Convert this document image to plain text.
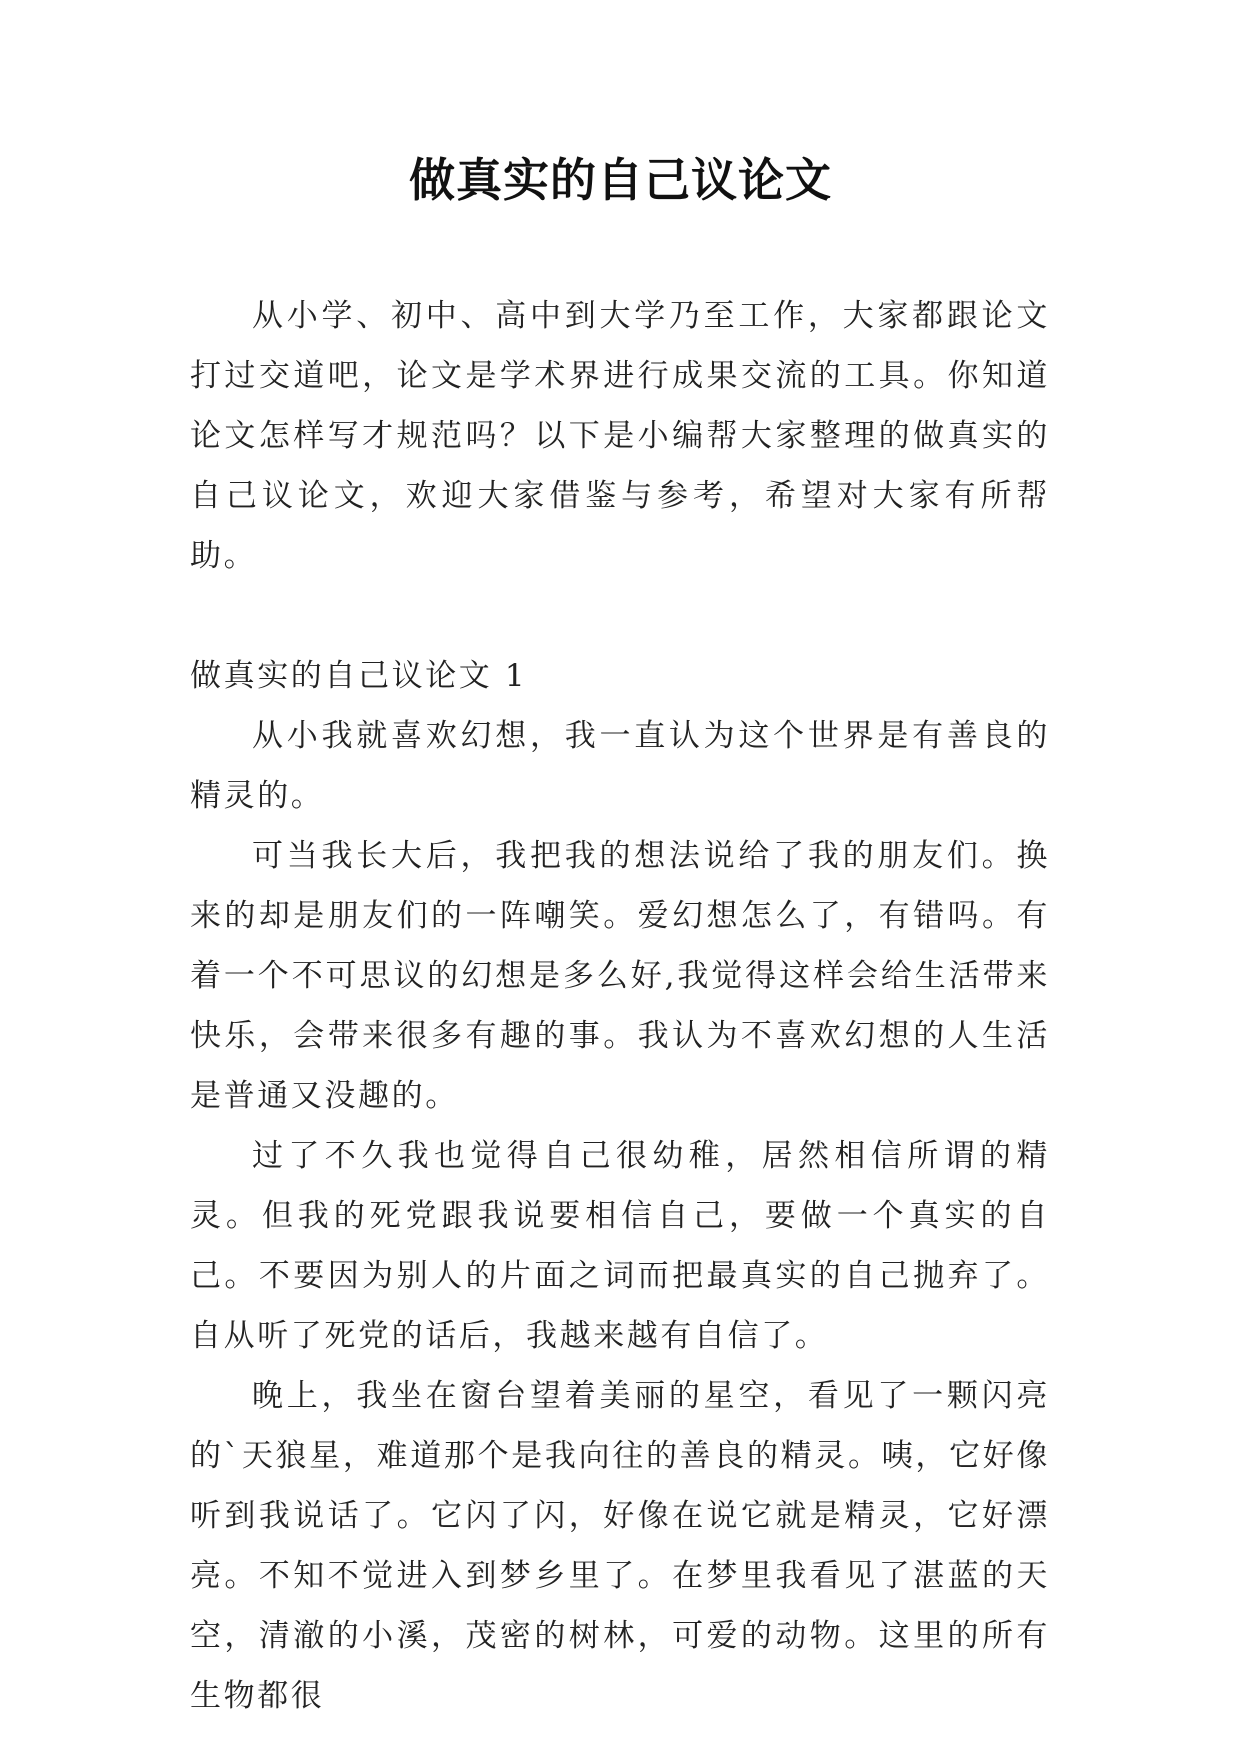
做真实的自己议论文

从小学、初中、高中到大学乃至工作，大家都跟论文打过交道吧，论文是学术界进行成果交流的工具。你知道论文怎样写才规范吗？以下是小编帮大家整理的做真实的自己议论文，欢迎大家借鉴与参考，希望对大家有所帮助。

做真实的自己议论文 1

从小我就喜欢幻想，我一直认为这个世界是有善良的精灵的。

可当我长大后，我把我的想法说给了我的朋友们。换来的却是朋友们的一阵嘲笑。爱幻想怎么了，有错吗。有着一个不可思议的幻想是多么好,我觉得这样会给生活带来快乐，会带来很多有趣的事。我认为不喜欢幻想的人生活是普通又没趣的。

过了不久我也觉得自己很幼稚，居然相信所谓的精灵。但我的死党跟我说要相信自己，要做一个真实的自己。不要因为别人的片面之词而把最真实的自己抛弃了。自从听了死党的话后，我越来越有自信了。

晚上，我坐在窗台望着美丽的星空，看见了一颗闪亮的`天狼星，难道那个是我向往的善良的精灵。咦，它好像听到我说话了。它闪了闪，好像在说它就是精灵，它好漂亮。不知不觉进入到梦乡里了。在梦里我看见了湛蓝的天空，清澈的小溪，茂密的树林，可爱的动物。这里的所有生物都很
